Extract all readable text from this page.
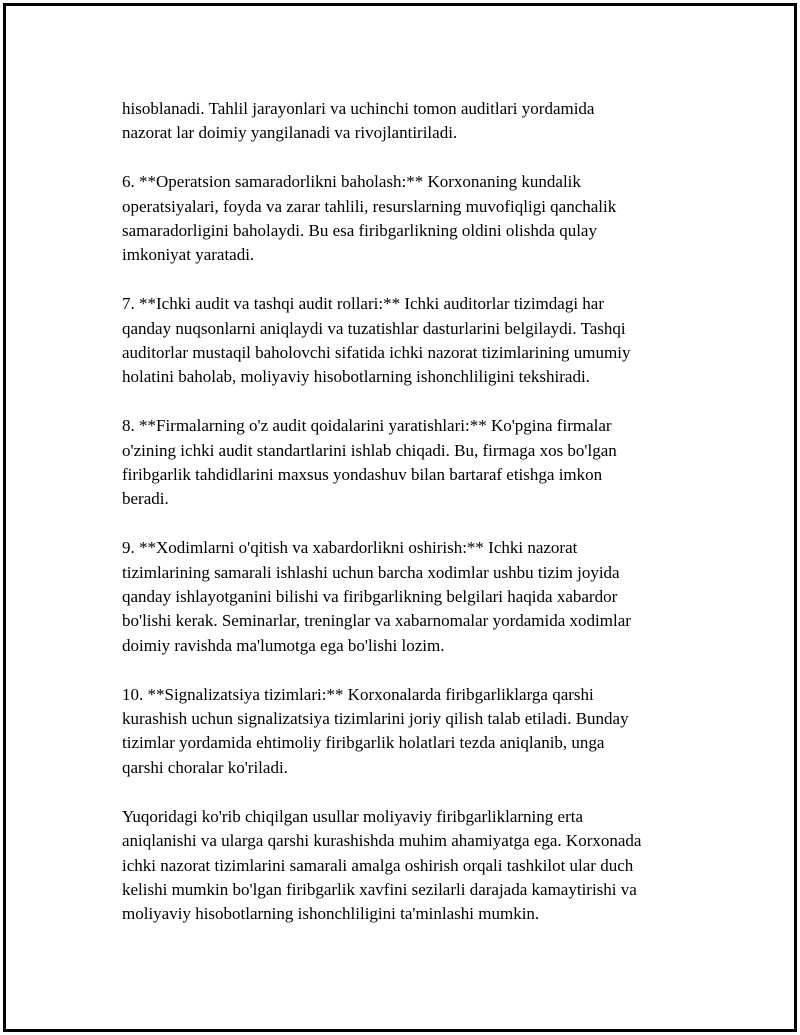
hisoblanadi. Tahlil jarayonlari va uchinchi tomon auditlari yordamida
nazorat lar doimiy yangilanadi va rivojlantiriladi.
6. **Operatsion samaradorlikni baholash:** Korxonaning kundalik
operatsiyalari, foyda va zarar tahlili, resurslarning muvofiqligi qanchalik
samaradorligini baholaydi. Bu esa firibgarlikning oldini olishda qulay
imkoniyat yaratadi.
7. **Ichki audit va tashqi audit rollari:** Ichki auditorlar tizimdagi har
qanday nuqsonlarni aniqlaydi va tuzatishlar dasturlarini belgilaydi. Tashqi
auditorlar mustaqil baholovchi sifatida ichki nazorat tizimlarining umumiy
holatini baholab, moliyaviy hisobotlarning ishonchliligini tekshiradi.
8. **Firmalarning o'z audit qoidalarini yaratishlari:** Ko'pgina firmalar
o'zining ichki audit standartlarini ishlab chiqadi. Bu, firmaga xos bo'lgan
firibgarlik tahdidlarini maxsus yondashuv bilan bartaraf etishga imkon
beradi.
9. **Xodimlarni o'qitish va xabardorlikni oshirish:** Ichki nazorat
tizimlarining samarali ishlashi uchun barcha xodimlar ushbu tizim joyida
qanday ishlayotganini bilishi va firibgarlikning belgilari haqida xabardor
bo'lishi kerak. Seminarlar, treninglar va xabarnomalar yordamida xodimlar
doimiy ravishda ma'lumotga ega bo'lishi lozim.
10. **Signalizatsiya tizimlari:** Korxonalarda firibgarliklarga qarshi
kurashish uchun signalizatsiya tizimlarini joriy qilish talab etiladi. Bunday
tizimlar yordamida ehtimoliy firibgarlik holatlari tezda aniqlanib, unga
qarshi choralar ko'riladi.
Yuqoridagi ko'rib chiqilgan usullar moliyaviy firibgarliklarning erta
aniqlanishi va ularga qarshi kurashishda muhim ahamiyatga ega. Korxonada
ichki nazorat tizimlarini samarali amalga oshirish orqali tashkilot ular duch
kelishi mumkin bo'lgan firibgarlik xavfini sezilarli darajada kamaytirishi va
moliyaviy hisobotlarning ishonchliligini ta'minlashi mumkin.
